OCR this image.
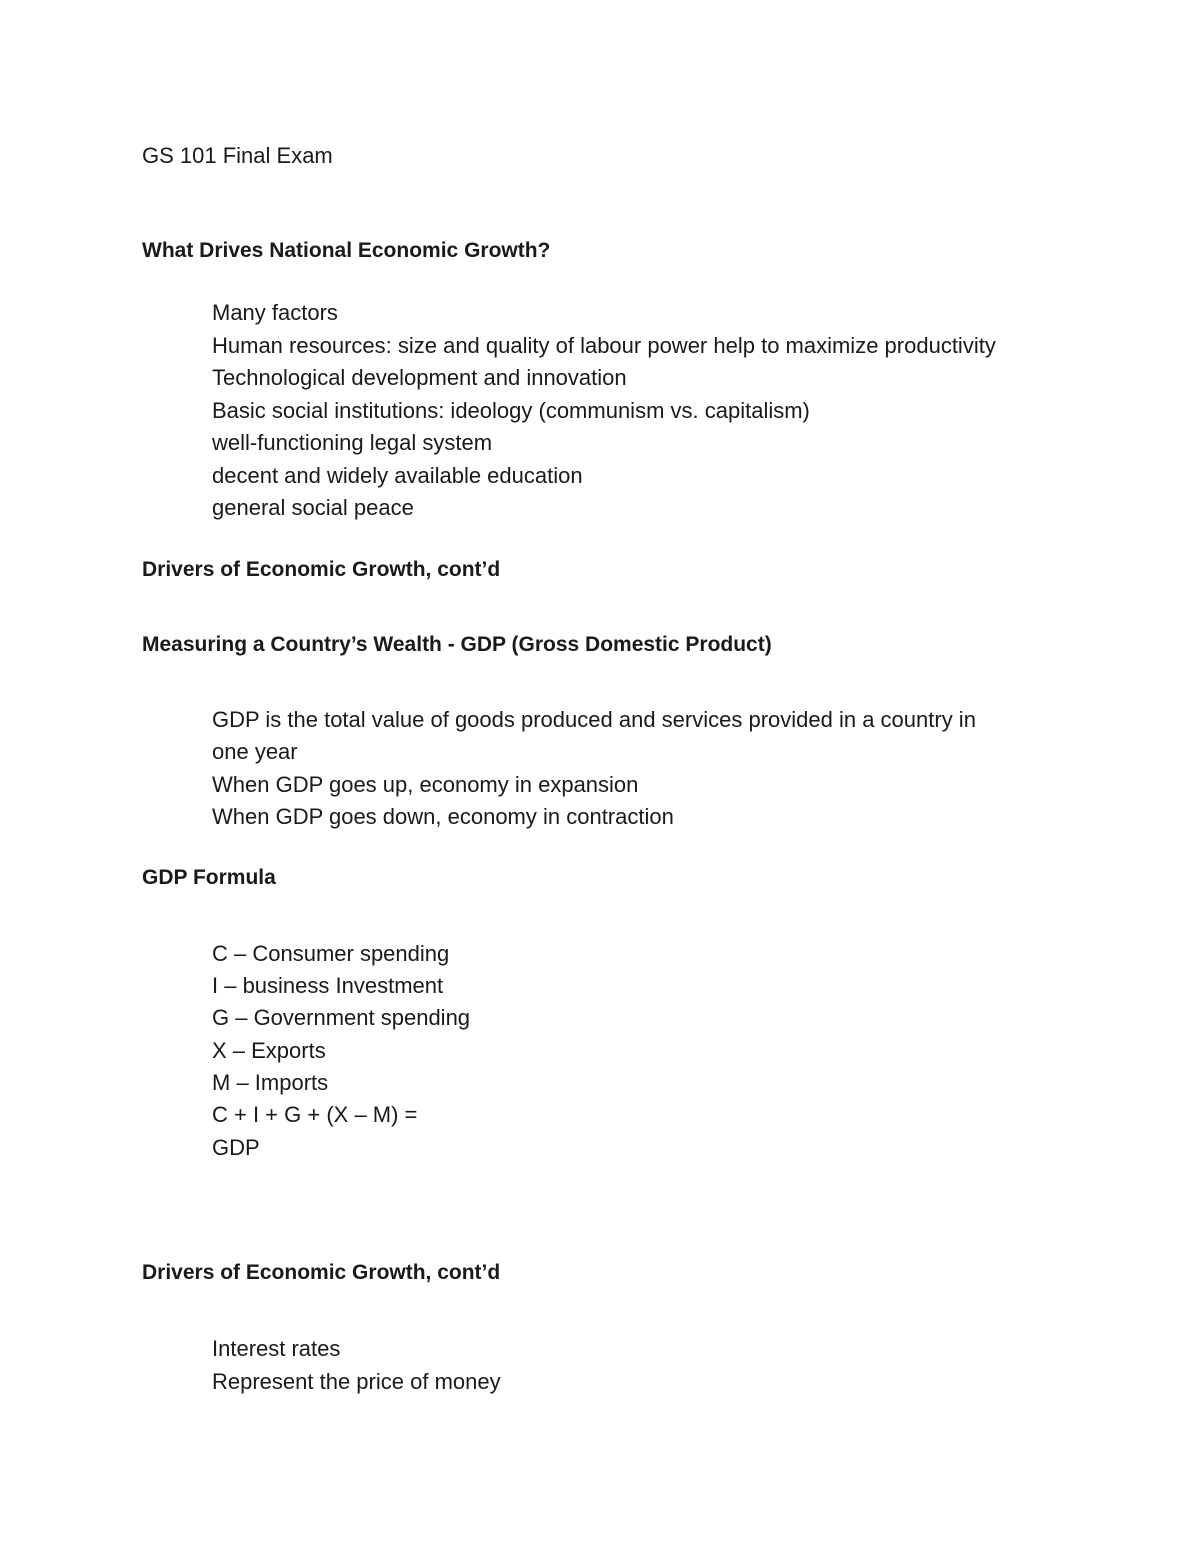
GS 101 Final Exam
What Drives National Economic Growth?
Many factors
Human resources: size and quality of labour power help to maximize productivity
Technological development and innovation
Basic social institutions: ideology (communism vs. capitalism)
well-functioning legal system
decent and widely available education
general social peace
Drivers of Economic Growth, cont’d
Measuring a Country’s Wealth - GDP (Gross Domestic Product)
GDP is the total value of goods produced and services provided in a country in
one year
When GDP goes up, economy in expansion
When GDP goes down, economy in contraction
GDP Formula
C – Consumer spending
I – business Investment
G – Government spending
X – Exports
M – Imports
C + I + G + (X – M) =
GDP
Drivers of Economic Growth, cont’d
Interest rates
Represent the price of money
